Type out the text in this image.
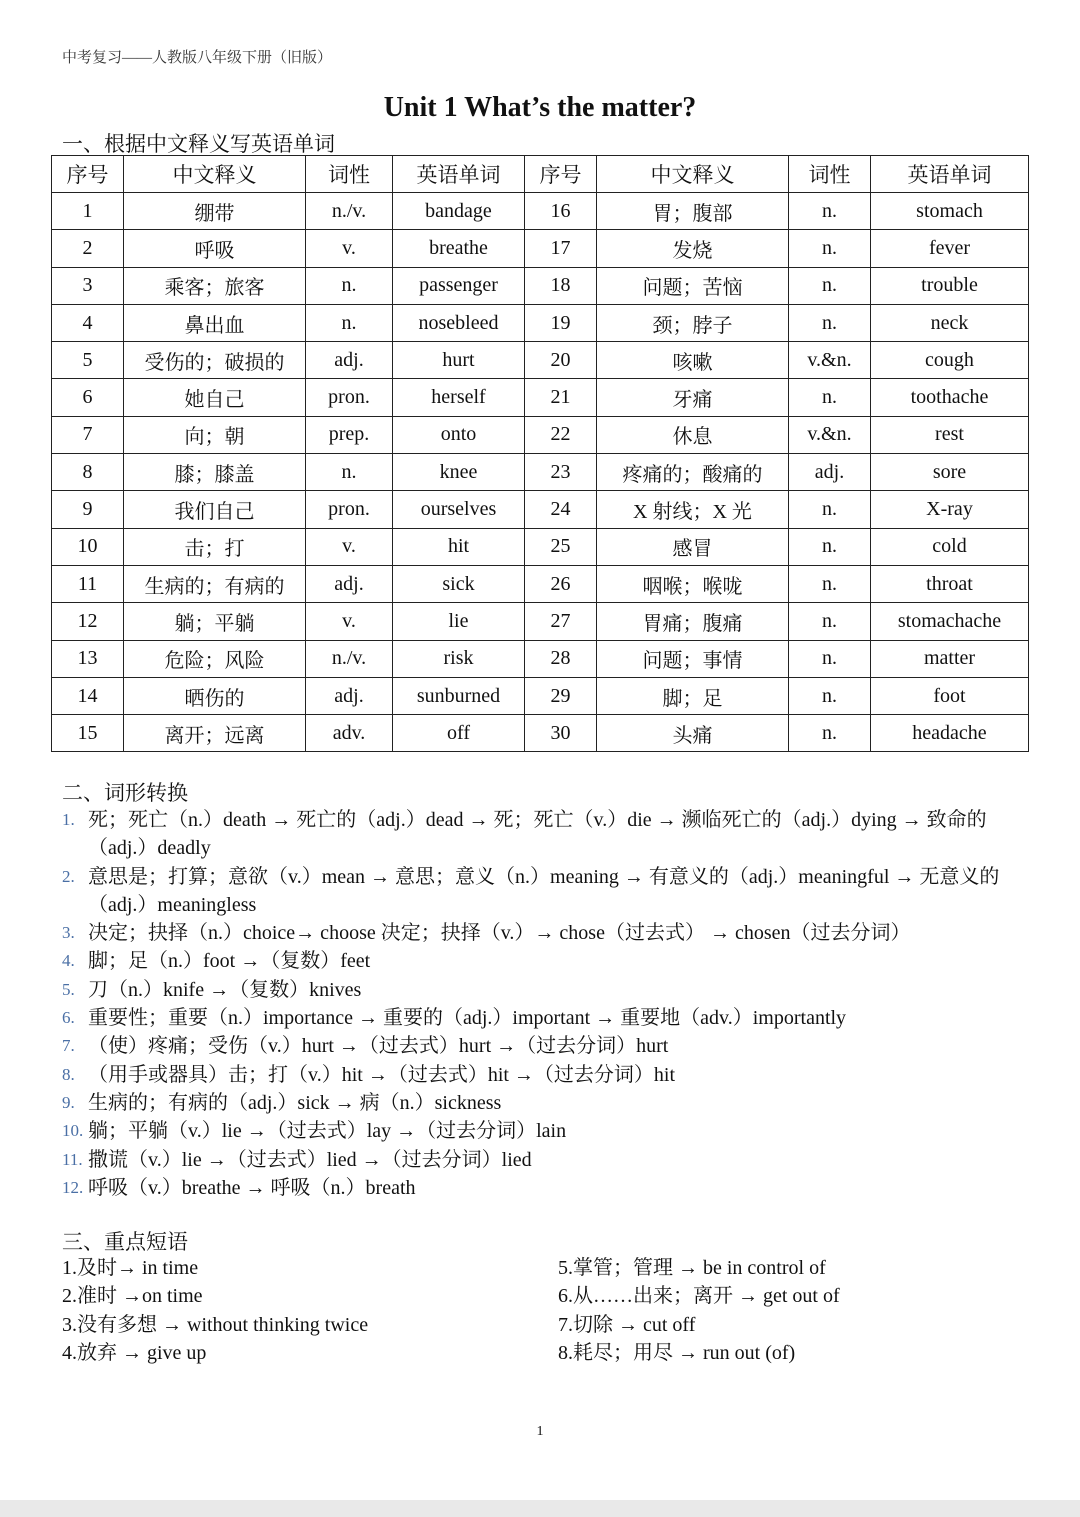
中考复习——人教版八年级下册（旧版）
Unit 1 What’s the matter?
一、根据中文释义写英语单词
序号	中文释义	词性	英语单词	序号	中文释义	词性	英语单词
1	绷带	n./v.	bandage	16	胃；腹部	n.	stomach
2	呼吸	v.	breathe	17	发烧	n.	fever
3	乘客；旅客	n.	passenger	18	问题；苦恼	n.	trouble
4	鼻出血	n.	nosebleed	19	颈；脖子	n.	neck
5	受伤的；破损的	adj.	hurt	20	咳嗽	v.&n.	cough
6	她自己	pron.	herself	21	牙痛	n.	toothache
7	向；朝	prep.	onto	22	休息	v.&n.	rest
8	膝；膝盖	n.	knee	23	疼痛的；酸痛的	adj.	sore
9	我们自己	pron.	ourselves	24	X 射线；X 光	n.	X-ray
10	击；打	v.	hit	25	感冒	n.	cold
11	生病的；有病的	adj.	sick	26	咽喉；喉咙	n.	throat
12	躺；平躺	v.	lie	27	胃痛；腹痛	n.	stomachache
13	危险；风险	n./v.	risk	28	问题；事情	n.	matter
14	晒伤的	adj.	sunburned	29	脚；足	n.	foot
15	离开；远离	adv.	off	30	头痛	n.	headache
二、词形转换
1. 死；死亡（n.）death → 死亡的（adj.）dead → 死；死亡（v.）die → 濒临死亡的（adj.）dying → 致命的（adj.）deadly
2. 意思是；打算；意欲（v.）mean → 意思；意义（n.）meaning → 有意义的（adj.）meaningful → 无意义的（adj.）meaningless
3. 决定；抉择（n.）choice→ choose 决定；抉择（v.）→ chose（过去式） → chosen（过去分词）
4. 脚；足（n.）foot →（复数）feet
5. 刀（n.）knife →（复数）knives
6. 重要性；重要（n.）importance → 重要的（adj.）important → 重要地（adv.）importantly
7. （使）疼痛；受伤（v.）hurt →（过去式）hurt →（过去分词）hurt
8. （用手或器具）击；打（v.）hit →（过去式）hit →（过去分词）hit
9. 生病的；有病的（adj.）sick → 病（n.）sickness
10. 躺；平躺（v.）lie →（过去式）lay →（过去分词）lain
11. 撒谎（v.）lie →（过去式）lied →（过去分词）lied
12. 呼吸（v.）breathe → 呼吸（n.）breath
三、重点短语
1.及时→ in time
2.准时 →on time
3.没有多想 → without thinking twice
4.放弃 → give up
5.掌管；管理 → be in control of
6.从……出来；离开 → get out of
7.切除 → cut off
8.耗尽；用尽 → run out (of)
1
